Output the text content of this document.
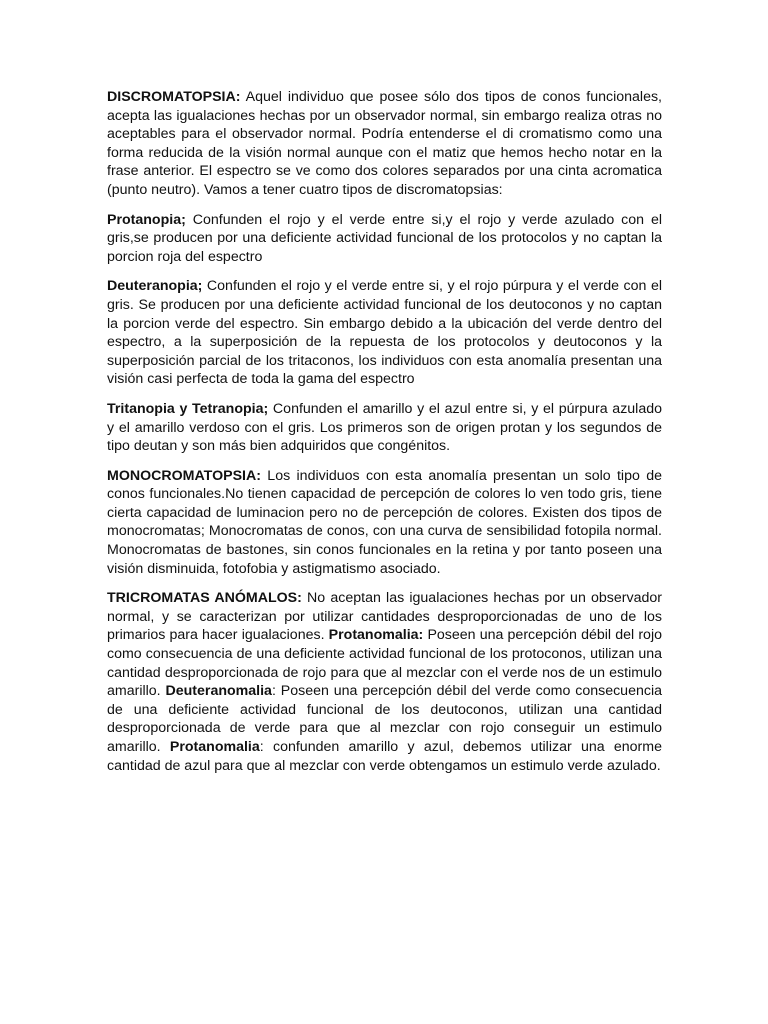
DISCROMATOPSIA: Aquel individuo que posee sólo dos tipos de conos funcionales, acepta las igualaciones hechas por un observador normal, sin embargo realiza otras no aceptables para el observador normal. Podría entenderse el di cromatismo como una forma reducida de la visión normal aunque con el matiz que hemos hecho notar en la frase anterior. El espectro se ve como dos colores separados por una cinta acromatica (punto neutro). Vamos a tener cuatro tipos de discromatopsias:

Protanopia; Confunden el rojo y el verde entre si,y el rojo y verde azulado con el gris,se producen por una deficiente actividad funcional de los protocolos y no captan la porcion roja del espectro

Deuteranopia; Confunden el rojo y el verde entre si, y el rojo púrpura y el verde con el gris. Se producen por una deficiente actividad funcional de los deutoconos y no captan la porcion verde del espectro. Sin embargo debido a la ubicación del verde dentro del espectro, a la superposición de la repuesta de los protocolos y deutoconos y la superposición parcial de los tritaconos, los individuos con esta anomalía presentan una visión casi perfecta de toda la gama del espectro

Tritanopia y Tetranopia; Confunden el amarillo y el azul entre si, y el púrpura azulado y el amarillo verdoso con el gris. Los primeros son de origen protan y los segundos de tipo deutan y son más bien adquiridos que congénitos.

MONOCROMATOPSIA: Los individuos con esta anomalía presentan un solo tipo de conos funcionales.No tienen capacidad de percepción de colores lo ven todo gris, tiene cierta capacidad de luminacion pero no de percepción de colores. Existen dos tipos de monocromatas; Monocromatas de conos, con una curva de sensibilidad fotopila normal. Monocromatas de bastones, sin conos funcionales en la retina y por tanto poseen una visión disminuida, fotofobia y astigmatismo asociado.

TRICROMATAS ANÓMALOS: No aceptan las igualaciones hechas por un observador normal, y se caracterizan por utilizar cantidades desproporcionadas de uno de los primarios para hacer igualaciones. Protanomalia: Poseen una percepción débil del rojo como consecuencia de una deficiente actividad funcional de los protoconos, utilizan una cantidad desproporcionada de rojo para que al mezclar con el verde nos de un estimulo amarillo. Deuteranomalia: Poseen una percepción débil del verde como consecuencia de una deficiente actividad funcional de los deutoconos, utilizan una cantidad desproporcionada de verde para que al mezclar con rojo conseguir un estimulo amarillo. Protanomalia: confunden amarillo y azul, debemos utilizar una enorme cantidad de azul para que al mezclar con verde obtengamos un estimulo verde azulado.
